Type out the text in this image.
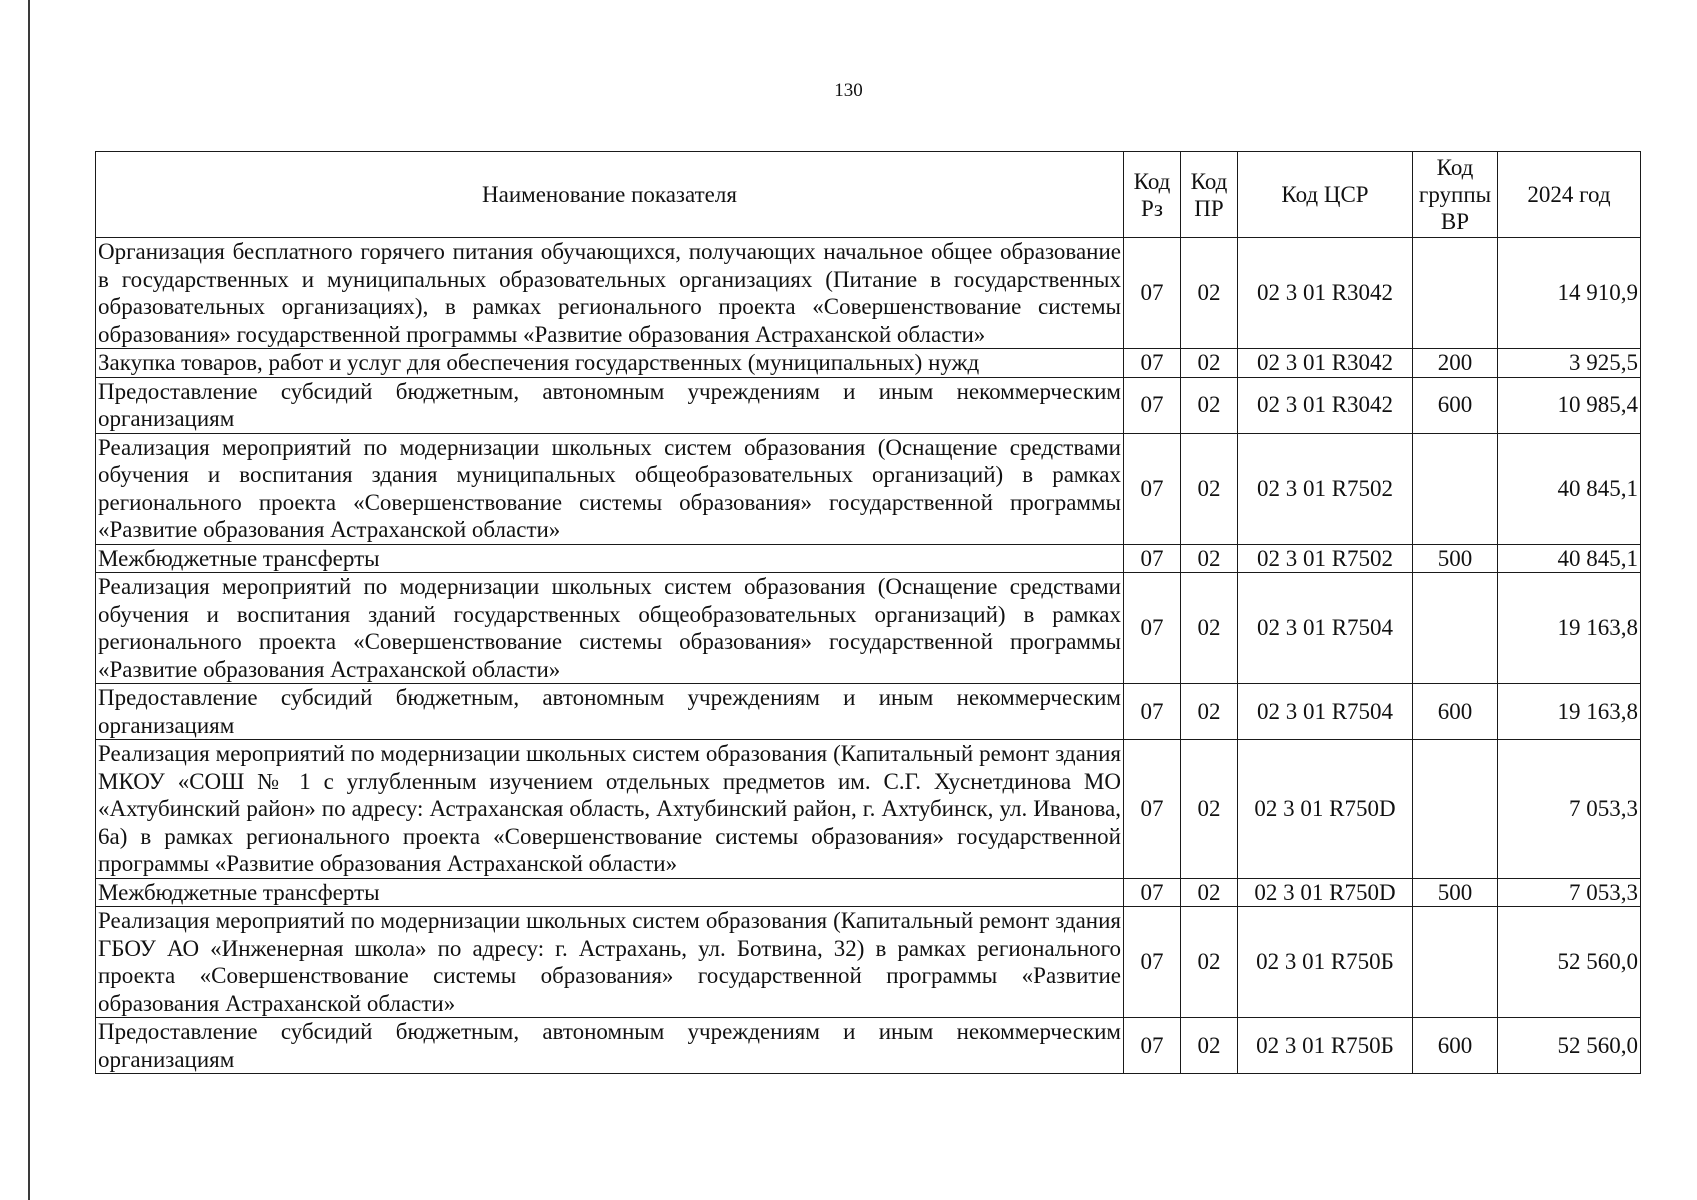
130
Наименование показателя	Код Рз	Код ПР	Код ЦСР	Код группы ВР	2024 год
Организация бесплатного горячего питания обучающихся, получающих начальное общее образование в государственных и муниципальных образовательных организациях (Питание в государственных образовательных организациях), в рамках регионального проекта «Совершенствование системы образования» государственной программы «Развитие образования Астраханской области»	07	02	02 3 01 R3042		14 910,9
Закупка товаров, работ и услуг для обеспечения государственных (муниципальных) нужд	07	02	02 3 01 R3042	200	3 925,5
Предоставление субсидий бюджетным, автономным учреждениям и иным некоммерческим организациям	07	02	02 3 01 R3042	600	10 985,4
Реализация мероприятий по модернизации школьных систем образования (Оснащение средствами обучения и воспитания здания муниципальных общеобразовательных организаций) в рамках регионального проекта «Совершенствование системы образования» государственной программы «Развитие образования Астраханской области»	07	02	02 3 01 R7502		40 845,1
Межбюджетные трансферты	07	02	02 3 01 R7502	500	40 845,1
Реализация мероприятий по модернизации школьных систем образования (Оснащение средствами обучения и воспитания зданий государственных общеобразовательных организаций) в рамках регионального проекта «Совершенствование системы образования» государственной программы «Развитие образования Астраханской области»	07	02	02 3 01 R7504		19 163,8
Предоставление субсидий бюджетным, автономным учреждениям и иным некоммерческим организациям	07	02	02 3 01 R7504	600	19 163,8
Реализация мероприятий по модернизации школьных систем образования (Капитальный ремонт здания МКОУ «СОШ № 1 с углубленным изучением отдельных предметов им. С.Г. Хуснетдинова МО «Ахтубинский район» по адресу: Астраханская область, Ахтубинский район, г. Ахтубинск, ул. Иванова, 6а) в рамках регионального проекта «Совершенствование системы образования» государственной программы «Развитие образования Астраханской области»	07	02	02 3 01 R750D		7 053,3
Межбюджетные трансферты	07	02	02 3 01 R750D	500	7 053,3
Реализация мероприятий по модернизации школьных систем образования (Капитальный ремонт здания ГБОУ АО «Инженерная школа» по адресу: г. Астрахань, ул. Ботвина, 32) в рамках регионального проекта «Совершенствование системы образования» государственной программы «Развитие образования Астраханской области»	07	02	02 3 01 R750Б		52 560,0
Предоставление субсидий бюджетным, автономным учреждениям и иным некоммерческим организациям	07	02	02 3 01 R750Б	600	52 560,0
